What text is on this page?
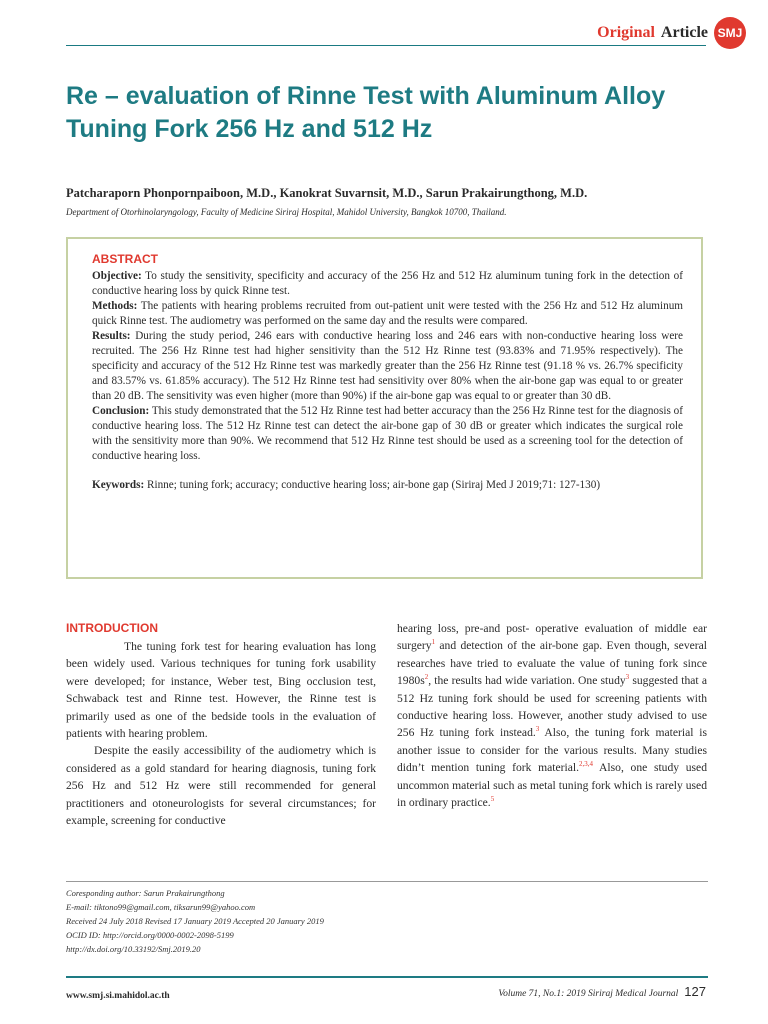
Original Article SMJ
Re – evaluation of Rinne Test with Aluminum Alloy
Tuning Fork 256 Hz and 512 Hz
Patcharaporn Phonpornpaiboon, M.D., Kanokrat Suvarnsit, M.D., Sarun Prakairungthong, M.D.
Department of Otorhinolaryngology, Faculty of Medicine Siriraj Hospital, Mahidol University, Bangkok 10700, Thailand.
ABSTRACT

Objective: To study the sensitivity, specificity and accuracy of the 256 Hz and 512 Hz aluminum tuning fork in the detection of conductive hearing loss by quick Rinne test.

Methods: The patients with hearing problems recruited from out-patient unit were tested with the 256 Hz and 512 Hz aluminum quick Rinne test. The audiometry was performed on the same day and the results were compared.

Results: During the study period, 246 ears with conductive hearing loss and 246 ears with non-conductive hearing loss were recruited. The 256 Hz Rinne test had higher sensitivity than the 512 Hz Rinne test (93.83% and 71.95% respectively). The specificity and accuracy of the 512 Hz Rinne test was markedly greater than the 256 Hz Rinne test (91.18 % vs. 26.7% specificity and 83.57% vs. 61.85% accuracy). The 512 Hz Rinne test had sensitivity over 80% when the air-bone gap was equal to or greater than 20 dB. The sensitivity was even higher (more than 90%) if the air-bone gap was equal to or greater than 30 dB.

Conclusion: This study demonstrated that the 512 Hz Rinne test had better accuracy than the 256 Hz Rinne test for the diagnosis of conductive hearing loss. The 512 Hz Rinne test can detect the air-bone gap of 30 dB or greater which indicates the surgical role with the sensitivity more than 90%. We recommend that 512 Hz Rinne test should be used as a screening tool for the detection of conductive hearing loss.

Keywords: Rinne; tuning fork; accuracy; conductive hearing loss; air-bone gap (Siriraj Med J 2019;71: 127-130)

INTRODUCTION

The tuning fork test for hearing evaluation has long been widely used. Various techniques for tuning fork usability were developed; for instance, Weber test, Bing occlusion test, Schwaback test and Rinne test. However, the Rinne test is primarily used as one of the bedside tools in the evaluation of patients with hearing problem.

Despite the easily accessibility of the audiometry which is considered as a gold standard for hearing diagnosis, tuning fork 256 Hz and 512 Hz were still recommended for general practitioners and otoneurologists for several circumstances; for example, screening for conductive

hearing loss, pre-and post- operative evaluation of middle ear surgery$^1$ and detection of the air-bone gap. Even though, several researches have tried to evaluate the value of tuning fork since $1980s^2$, the results had wide variation. One study$^3$ suggested that a 512 Hz tuning fork should be used for screening patients with conductive hearing loss. However, another study advised to use 256 Hz tuning fork instead.$^3$ Also, the tuning fork material is another issue to consider for the various results. Many studies didn’t mention tuning fork material.$^{2,3,4}$ Also, one study used uncommon material such as metal tuning fork which is rarely used in ordinary practice.$^5$

Coresponding author: Sarun Prakairungthong
E-mail: tiktono99@gmail.com, tiksarun99@yahoo.com
Received 24 July 2018 Revised 17 January 2019 Accepted 20 January 2019
OCID ID: http://orcid.org/0000-0002-2098-5199
http://dx.doi.org/10.33192/Smj.2019.20
www.smj.si.mahidol.ac.th	Volume 71, No.1: 2019 Siriraj Medical Journal 127
